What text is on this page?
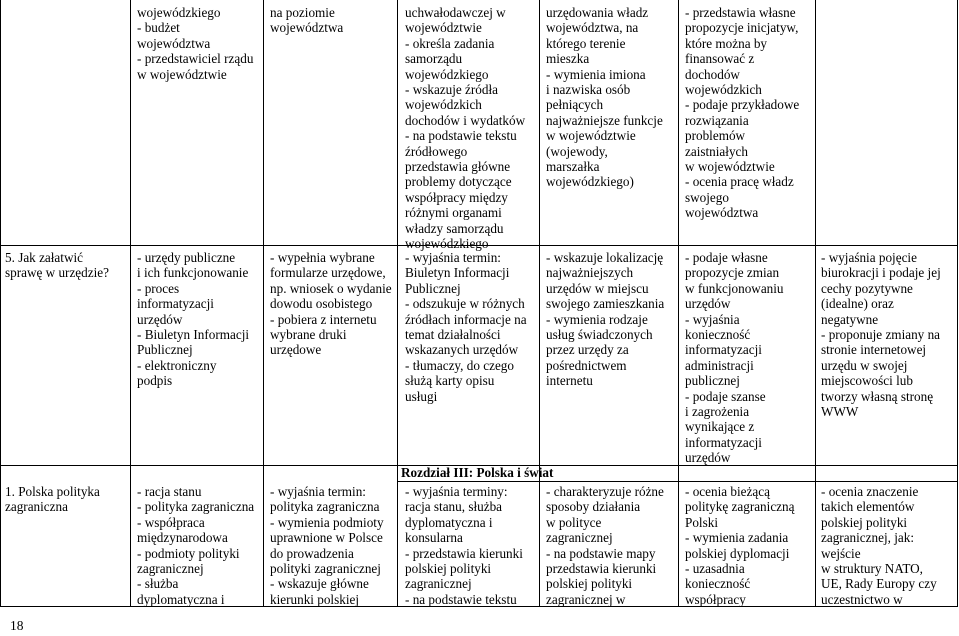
wojewódzkiego
- budżet
województwa
- przedstawiciel rządu
w województwie
na poziomie
województwa
uchwałodawczej w
województwie
- określa zadania
samorządu
wojewódzkiego
- wskazuje źródła
wojewódzkich
dochodów i wydatków
- na podstawie tekstu
źródłowego
przedstawia główne
problemy dotyczące
współpracy między
różnymi organami
władzy samorządu
wojewódzkiego
urzędowania władz
województwa, na
którego terenie
mieszka
- wymienia imiona
i nazwiska osób
pełniących
najważniejsze funkcje
w województwie
(wojewody,
marszałka
wojewódzkiego)
- przedstawia własne
propozycje inicjatyw,
które można by
finansować z
dochodów
wojewódzkich
- podaje przykładowe
rozwiązania
problemów
zaistniałych
w województwie
- ocenia pracę władz
swojego
województwa
5. Jak załatwić
sprawę w urzędzie?
- urzędy publiczne
i ich funkcjonowanie
- proces
informatyzacji
urzędów
- Biuletyn Informacji
Publicznej
- elektroniczny
podpis
- wypełnia wybrane
formularze urzędowe,
np. wniosek o wydanie
dowodu osobistego
- pobiera z internetu
wybrane druki
urzędowe
- wyjaśnia termin:
Biuletyn Informacji
Publicznej
- odszukuje w różnych
źródłach informacje na
temat działalności
wskazanych urzędów
- tłumaczy, do czego
służą karty opisu
usługi
- wskazuje lokalizację
najważniejszych
urzędów w miejscu
swojego zamieszkania
- wymienia rodzaje
usług świadczonych
przez urzędy za
pośrednictwem
internetu
- podaje własne
propozycje zmian
w funkcjonowaniu
urzędów
- wyjaśnia
konieczność
informatyzacji
administracji
publicznej
- podaje szanse
i zagrożenia
wynikające z
informatyzacji
urzędów
- wyjaśnia pojęcie
biurokracji i podaje jej
cechy pozytywne
(idealne) oraz
negatywne
- proponuje zmiany na
stronie internetowej
urzędu w swojej
miejscowości lub
tworzy własną stronę
WWW
Rozdział III: Polska i świat
1. Polska polityka
zagraniczna
- racja stanu
- polityka zagraniczna
- współpraca
międzynarodowa
- podmioty polityki
zagranicznej
- służba
dyplomatyczna i
- wyjaśnia termin:
polityka zagraniczna
- wymienia podmioty
uprawnione w Polsce
do prowadzenia
polityki zagranicznej
- wskazuje główne
kierunki polskiej
- wyjaśnia terminy:
racja stanu, służba
dyplomatyczna i
konsularna
- przedstawia kierunki
polskiej polityki
zagranicznej
- na podstawie tekstu
- charakteryzuje różne
sposoby działania
w polityce
zagranicznej
- na podstawie mapy
przedstawia kierunki
polskiej polityki
zagranicznej w
- ocenia bieżącą
politykę zagraniczną
Polski
- wymienia zadania
polskiej dyplomacji
- uzasadnia
konieczność
współpracy
- ocenia znaczenie
takich elementów
polskiej polityki
zagranicznej, jak:
wejście
w struktury NATO,
UE, Rady Europy czy
uczestnictwo w
18
